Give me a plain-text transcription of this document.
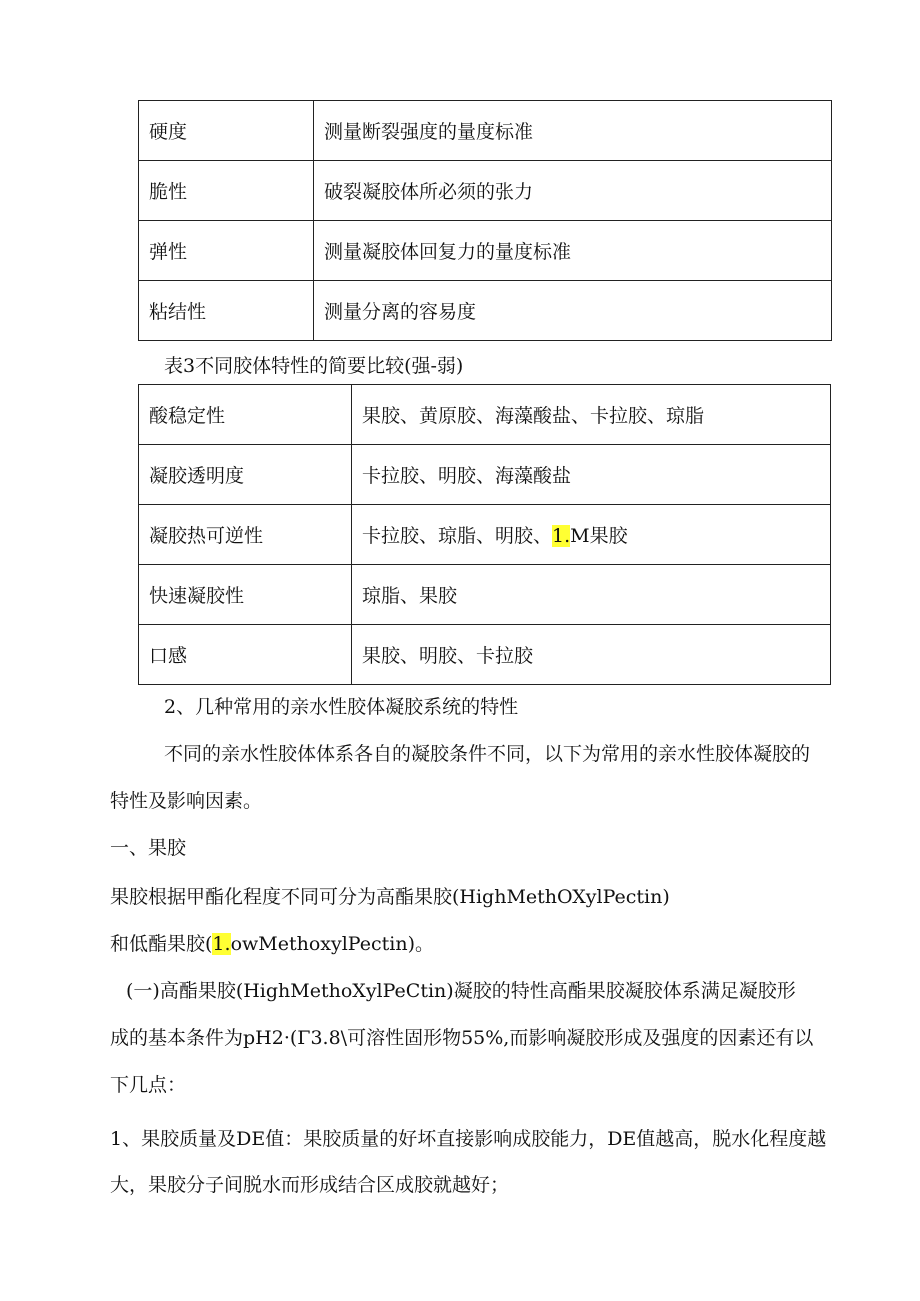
硬度	测量断裂强度的量度标准
脆性	破裂凝胶体所必须的张力
弹性	测量凝胶体回复力的量度标准
粘结性	测量分离的容易度
表3不同胶体特性的简要比较(强-弱)
酸稳定性	果胶、黄原胶、海藻酸盐、卡拉胶、琼脂
凝胶透明度	卡拉胶、明胶、海藻酸盐
凝胶热可逆性	卡拉胶、琼脂、明胶、1.M果胶
快速凝胶性	琼脂、果胶
口感	果胶、明胶、卡拉胶
2、几种常用的亲水性胶体凝胶系统的特性
不同的亲水性胶体体系各自的凝胶条件不同，以下为常用的亲水性胶体凝胶的
特性及影响因素。
一、果胶
果胶根据甲酯化程度不同可分为高酯果胶(HighMethOXylPectin)
和低酯果胶(1.owMethoxylPectin)。
(一)高酯果胶(HighMethoXylPeCtin)凝胶的特性高酯果胶凝胶体系满足凝胶形
成的基本条件为pH2·(Γ3.8\可溶性固形物55%,而影响凝胶形成及强度的因素还有以
下几点：
1、果胶质量及DE值：果胶质量的好坏直接影响成胶能力，DE值越高，脱水化程度越
大，果胶分子间脱水而形成结合区成胶就越好；
